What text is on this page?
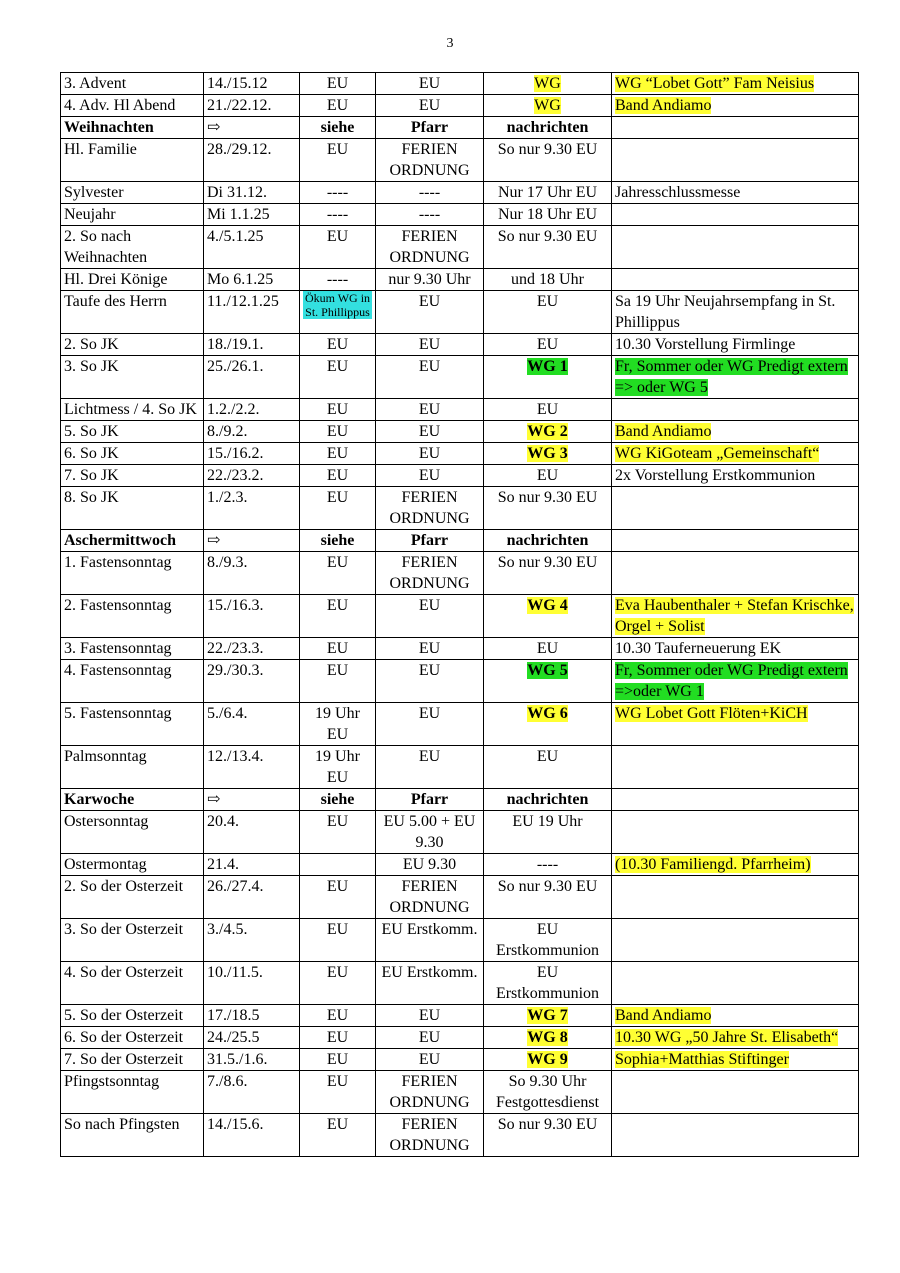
3
3. Advent	14./15.12	EU	EU	WG	WG “Lobet Gott” Fam Neisius
4. Adv. Hl Abend	21./22.12.	EU	EU	WG	Band Andiamo
Weihnachten	⇨	siehe	Pfarr	nachrichten	
Hl. Familie	28./29.12.	EU	FERIEN ORDNUNG	So nur 9.30 EU	
Sylvester	Di 31.12.	----	----	Nur 17 Uhr EU	Jahresschlussmesse
Neujahr	Mi 1.1.25	----	----	Nur 18 Uhr EU	
2. So nach Weihnachten	4./5.1.25	EU	FERIEN ORDNUNG	So nur 9.30 EU	
Hl. Drei Könige	Mo 6.1.25	----	nur 9.30 Uhr	und 18 Uhr	
Taufe des Herrn	11./12.1.25	Ökum WG in St. Phillippus	EU	EU	Sa 19 Uhr Neujahrsempfang in St. Phillippus
2. So JK	18./19.1.	EU	EU	EU	10.30 Vorstellung Firmlinge
3. So JK	25./26.1.	EU	EU	WG 1	Fr, Sommer oder WG Predigt extern => oder WG 5
Lichtmess / 4. So JK	1.2./2.2.	EU	EU	EU	
5. So JK	8./9.2.	EU	EU	WG 2	Band Andiamo
6. So JK	15./16.2.	EU	EU	WG 3	WG KiGoteam „Gemeinschaft“
7. So JK	22./23.2.	EU	EU	EU	2x Vorstellung Erstkommunion
8. So JK	1./2.3.	EU	FERIEN ORDNUNG	So nur 9.30 EU	
Aschermittwoch	⇨	siehe	Pfarr	nachrichten	
1. Fastensonntag	8./9.3.	EU	FERIEN ORDNUNG	So nur 9.30 EU	
2. Fastensonntag	15./16.3.	EU	EU	WG 4	Eva Haubenthaler + Stefan Krischke, Orgel + Solist
3. Fastensonntag	22./23.3.	EU	EU	EU	10.30 Tauferneuerung EK
4. Fastensonntag	29./30.3.	EU	EU	WG 5	Fr, Sommer oder WG Predigt extern =>oder WG 1
5. Fastensonntag	5./6.4.	19 Uhr EU	EU	WG 6	WG Lobet Gott Flöten+KiCH
Palmsonntag	12./13.4.	19 Uhr EU	EU	EU	
Karwoche	⇨	siehe	Pfarr	nachrichten	
Ostersonntag	20.4.	EU	EU 5.00 + EU 9.30	EU 19 Uhr	
Ostermontag	21.4.		EU 9.30	----	(10.30 Familiengd. Pfarrheim)
2. So der Osterzeit	26./27.4.	EU	FERIEN ORDNUNG	So nur 9.30 EU	
3. So der Osterzeit	3./4.5.	EU	EU Erstkomm.	EU Erstkommunion	
4. So der Osterzeit	10./11.5.	EU	EU Erstkomm.	EU Erstkommunion	
5. So der Osterzeit	17./18.5	EU	EU	WG 7	Band Andiamo
6. So der Osterzeit	24./25.5	EU	EU	WG 8	10.30 WG „50 Jahre St. Elisabeth“
7. So der Osterzeit	31.5./1.6.	EU	EU	WG 9	Sophia+Matthias Stiftinger
Pfingstsonntag	7./8.6.	EU	FERIEN ORDNUNG	So 9.30 Uhr Festgottesdienst	
So nach Pfingsten	14./15.6.	EU	FERIEN ORDNUNG	So nur 9.30 EU	
